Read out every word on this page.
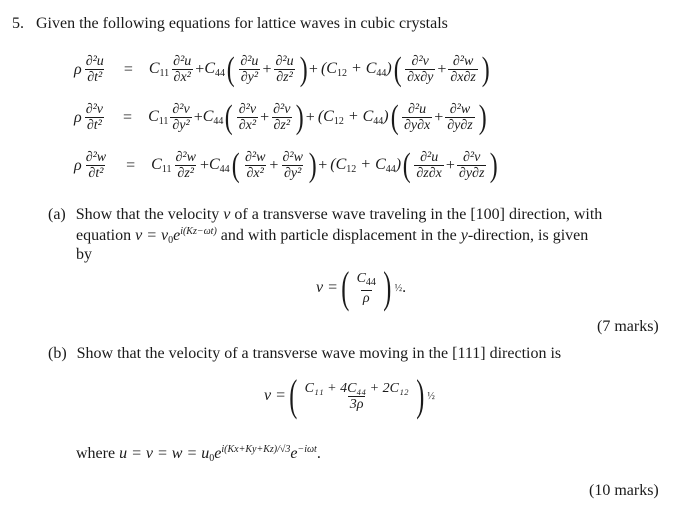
5. Given the following equations for lattice waves in cubic crystals
ρ $\frac{\text{∂²u}}{\text{∂t²}} = C_{11} \frac{\text{∂²u}}{\text{∂x²}} + C_{44}$ ( $\frac{\text{∂²u}}{\text{∂y²}} + \frac{\text{∂²u}}{\text{∂z²}}$ ) + $(C_{12} + C_{44})$ ( $\frac{\text{∂²v}}{\partial x\partial y} + \frac{\text{∂²w}}{\partial x\partial z}$ )
ρ $\frac{\text{∂²v}}{\text{∂t²}} = C_{11} \frac{\text{∂²v}}{\text{∂y²}} + C_{44}$ ( $\frac{\text{∂²v}}{\text{∂x²}} + \frac{\text{∂²v}}{\text{∂z²}}$ ) + $(C_{12} + C_{44})$ ( $\frac{\text{∂²u}}{\partial y\partial x} + \frac{\text{∂²w}}{\partial y\partial z}$ )
ρ $\frac{\text{∂²w}}{\text{∂t²}} = C_{11} \frac{\text{∂²w}}{\text{∂z²}} + C_{44}$ ( $\frac{\text{∂²w}}{\text{∂x²}} + \frac{\text{∂²w}}{\text{∂y²}}$ ) + $(C_{12} + C_{44})$ ( $\frac{\text{∂²u}}{\partial z\partial x} + \frac{\text{∂²v}}{\partial y\partial z}$ )
(a) Show that the velocity v of a transverse wave traveling in the [100] direction, with
equation $v = v_0e^{i(Kz-\omega t)}$ and with particle displacement in the y-direction, is given
by
v = ( $\frac{C_{44}}{\rho}$ ) ½ .
(7 marks)
(b) Show that the velocity of a transverse wave moving in the [111] direction is
v = ( $\frac{\text{C₁₁ + 4C₄₄ + 2C₁₂}}{3\rho}$ ) ½
where $u = v = w = u_0e^{i(Kx+Ky+Kz)/√3}e^{-i\omega t}$.
(10 marks)
